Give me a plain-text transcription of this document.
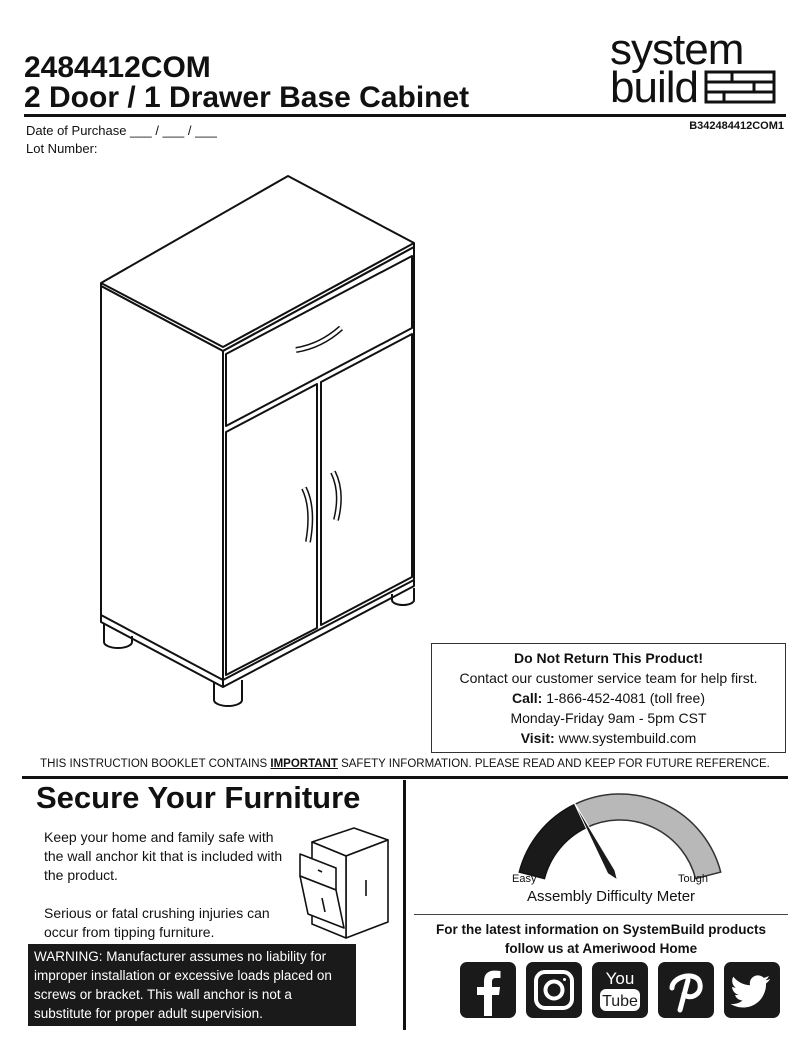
2484412COM
2 Door / 1 Drawer Base Cabinet
Date of Purchase ___ / ___ / ___
Lot Number:
B342484412COM1
system
build
Do Not Return This Product!
Contact our customer service team for help first.
Call: 1-866-452-4081 (toll free)
Monday-Friday 9am - 5pm CST
Visit: www.systembuild.com
THIS INSTRUCTION BOOKLET CONTAINS IMPORTANT SAFETY INFORMATION. PLEASE READ AND KEEP FOR FUTURE REFERENCE.
Secure Your Furniture
Keep your home and family safe with the wall anchor kit that is included with the product.
Serious or fatal crushing injuries can occur from tipping furniture.
WARNING: Manufacturer assumes no liability for improper installation or excessive loads placed on screws or bracket. This wall anchor is not a substitute for proper adult supervision.
Easy	Tough
Assembly Difficulty Meter
For the latest information on SystemBuild products
follow us at Ameriwood Home
You
Tube
